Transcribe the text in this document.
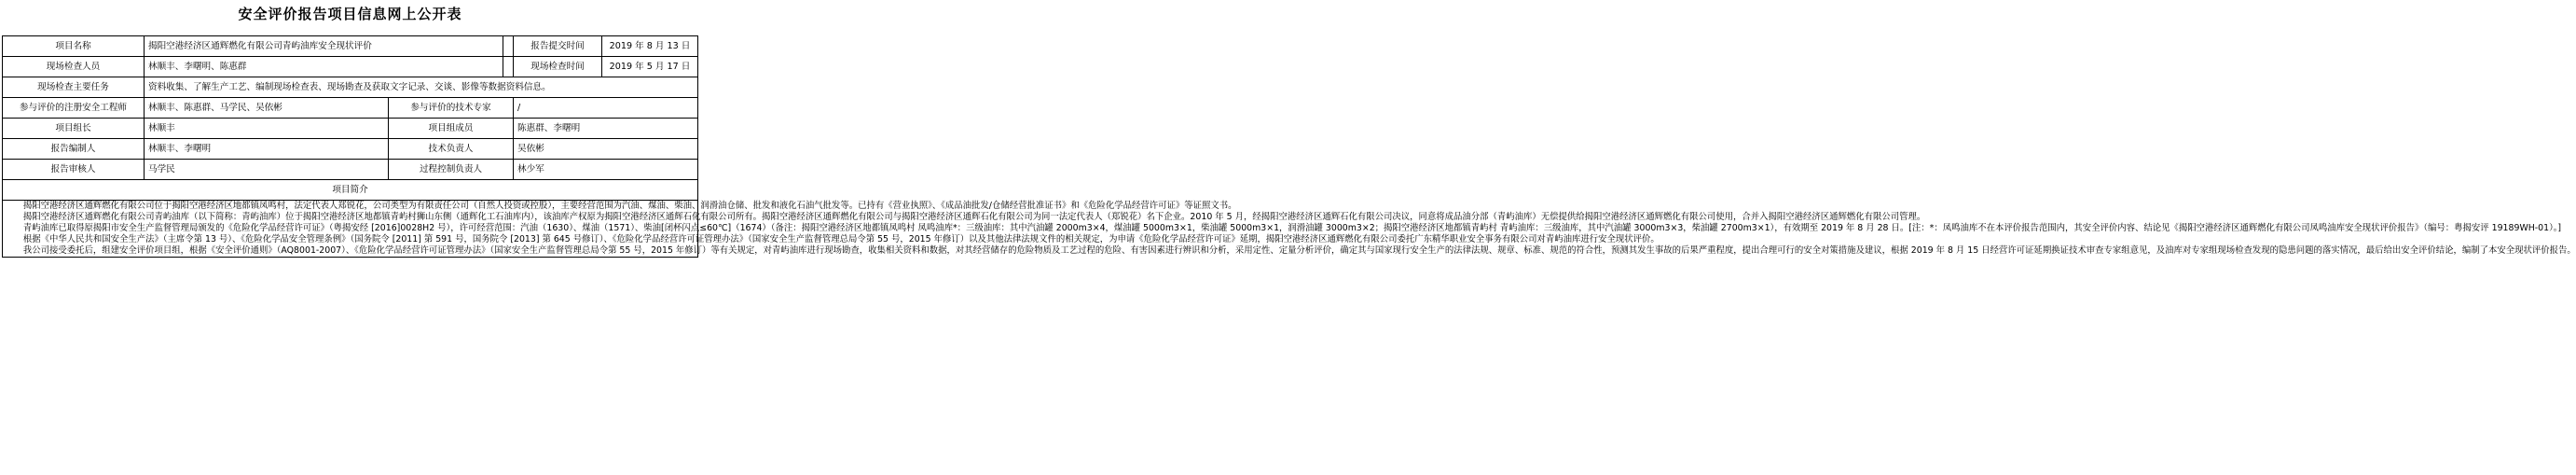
安全评价报告项目信息网上公开表
项目名称	揭阳空港经济区通辉燃化有限公司青屿油库安全现状评价			报告提交时间 2019 年 8 月 13 日

现场检查人员	林顺丰、李曙明、陈惠群			现场检查时间 2019 年 5 月 17 日

现场检查主要任务	资料收集、了解生产工艺、编制现场检查表、现场勘查及获取文字记录、交谈、影像等数据资料信息。			
参与评价的注册安全工程师	林顺丰、陈惠群、马学民、吴依彬	参与评价的技术专家		/
项目组长	林顺丰	项目组成员		陈惠群、李曙明
报告编制人	林顺丰、李曙明	技术负责人		吴依彬
报告审核人	马学民	过程控制负责人		林少军
项目简介				

揭阳空港经济区通辉燃化有限公司位于揭阳空港经济区地都镇凤鸣村，法定代表人郑锐花，公司类型为有限责任公司（自然人投资或控股），主要经营范围为汽油、煤油、柴油、润滑油仓储、批发和液化石油气批发等。已持有《营业执照》、《成品油批发/仓储经营批准证书》和《危险化学品经营许可证》等证照文书。

揭阳空港经济区通辉燃化有限公司青屿油库（以下简称：青屿油库）位于揭阳空港经济区地都镇青屿村狮山东侧（通辉化工石油库内），该油库产权原为揭阳空港经济区通辉石化有限公司所有。揭阳空港经济区通辉燃化有限公司与揭阳空港经济区通辉石化有限公司为同一法定代表人（郑锐花）名下企业。2010 年 5 月，经揭阳空港经济区通辉石化有限公司决议，同意将成品油分部（青屿油库）无偿提供给揭阳空港经济区通辉燃化有限公司使用，合并入揭阳空港经济区通辉燃化有限公司管理。

青屿油库已取得原揭阳市安全生产监督管理局颁发的《危险化学品经营许可证》（粤揭安经 [2016]0028H2 号），许可经营范围：汽油（1630）、煤油（1571）、柴油[闭杯闪点≤60℃]（1674）（备注：揭阳空港经济区地都镇凤鸣村 凤鸣油库*：三级油库：其中汽油罐 2000m3×4，煤油罐 5000m3×1，柴油罐 5000m3×1，润滑油罐 3000m3×2；揭阳空港经济区地都镇青屿村 青屿油库：三级油库，其中汽油罐 3000m3×3，柴油罐 2700m3×1），有效期至 2019 年 8 月 28 日。[注：*：凤鸣油库不在本评价报告范围内，其安全评价内容、结论见《揭阳空港经济区通辉燃化有限公司凤鸣油库安全现状评价报告》（编号：粤揭安评 19189WH-01）。]

根据《中华人民共和国安全生产法》（主席令第 13 号）、《危险化学品安全管理条例》（国务院令 [2011] 第 591 号，国务院令 [2013] 第 645 号修订）、《危险化学品经营许可证管理办法》（国家安全生产监督管理总局令第 55 号，2015 年修订）以及其他法律法规文件的相关规定，为申请《危险化学品经营许可证》延期，揭阳空港经济区通辉燃化有限公司委托广东精华职业安全事务有限公司对青屿油库进行安全现状评价。

我公司接受委托后，组建安全评价项目组，根据《安全评价通则》（AQ8001-2007）、《危险化学品经营许可证管理办法》（国家安全生产监督管理总局令第 55 号，2015 年修订）等有关规定，对青屿油库进行现场勘查，收集相关资料和数据，对其经营储存的危险物质及工艺过程的危险、有害因素进行辨识和分析，采用定性、定量分析评价，确定其与国家现行安全生产的法律法规、规章、标准、规范的符合性，预测其发生事故的后果严重程度，提出合理可行的安全对策措施及建议，根据 2019 年 8 月 15 日经营许可证延期换证技术审查专家组意见，及油库对专家组现场检查发现的隐患问题的落实情况，最后给出安全评价结论，编制了本安全现状评价报告。				
